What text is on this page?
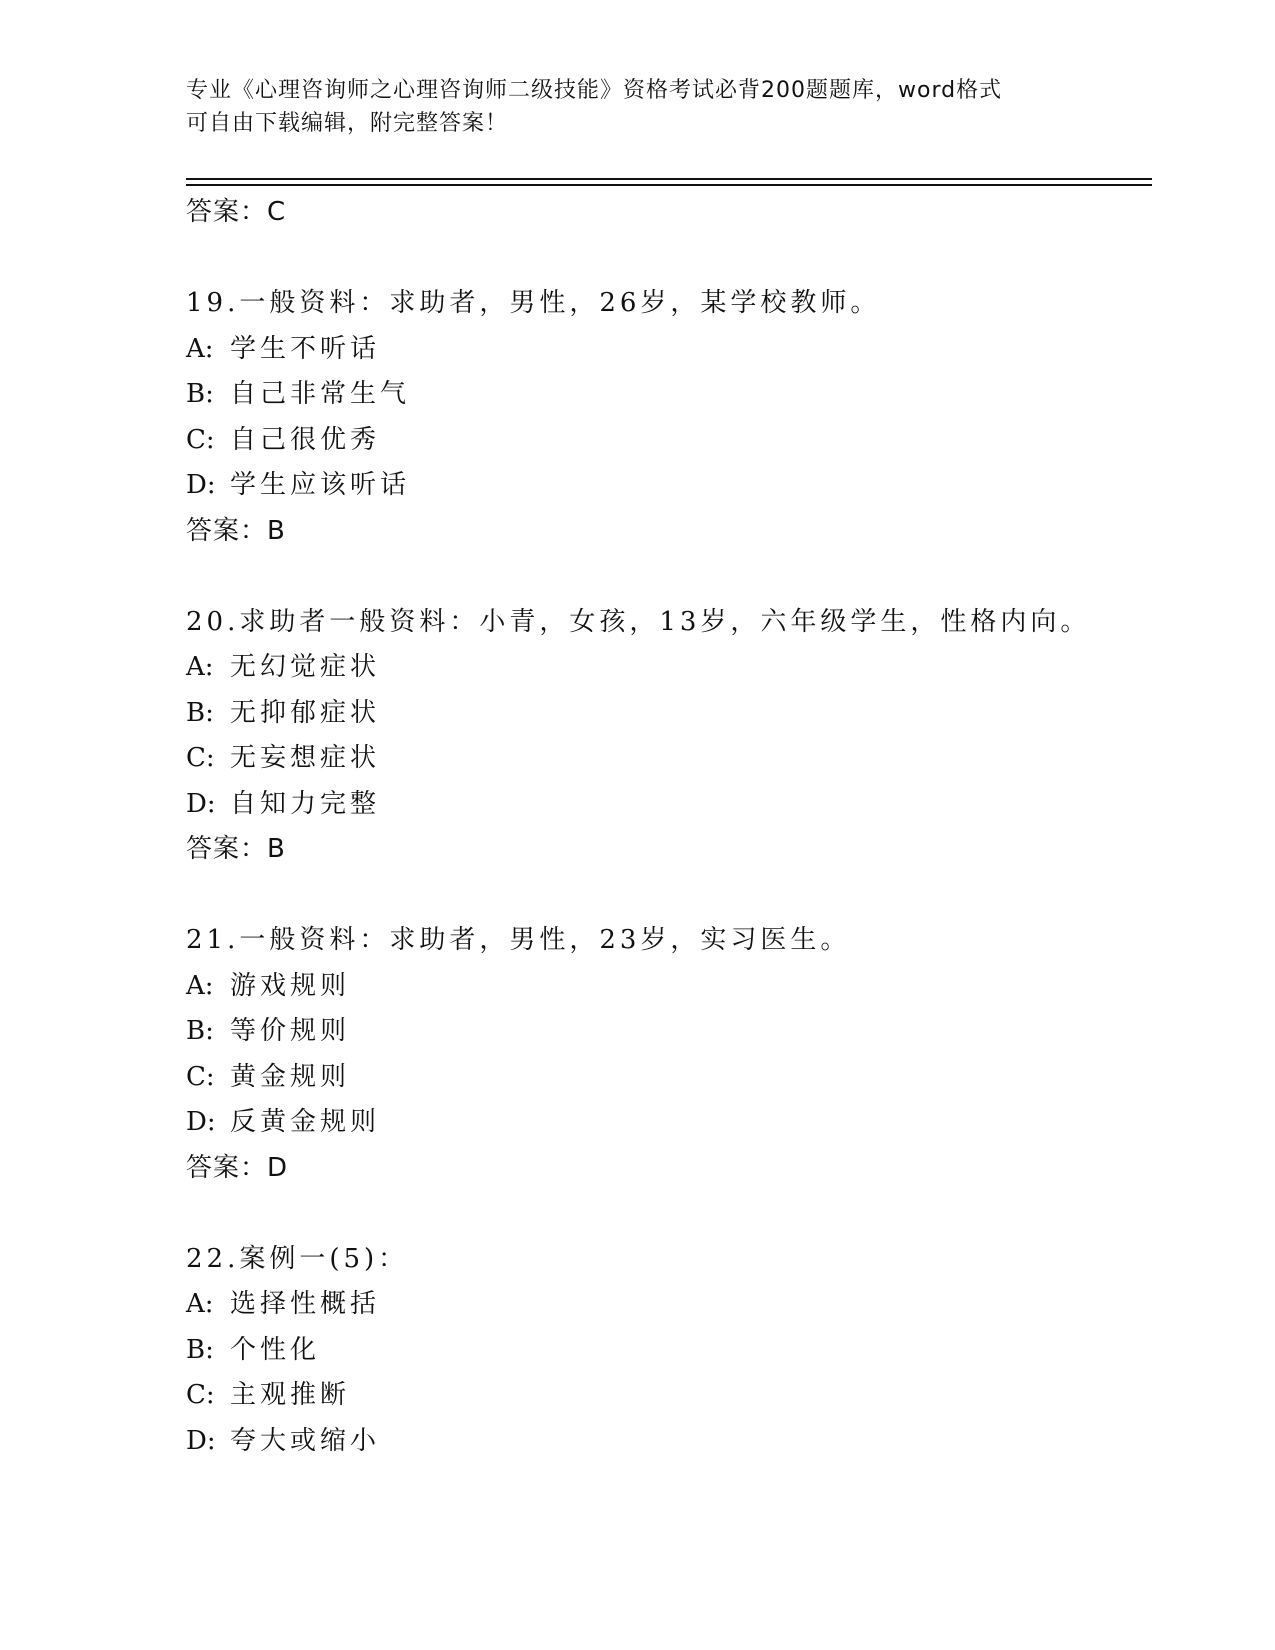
专业《心理咨询师之心理咨询师二级技能》资格考试必背200题题库，word格式
可自由下载编辑，附完整答案！
答案：C
19.一般资料：求助者，男性，26岁，某学校教师。
A: 学生不听话
B: 自己非常生气
C: 自己很优秀
D: 学生应该听话
答案：B
20.求助者一般资料：小青，女孩，13岁，六年级学生，性格内向。
A: 无幻觉症状
B: 无抑郁症状
C: 无妄想症状
D: 自知力完整
答案：B
21.一般资料：求助者，男性，23岁，实习医生。
A: 游戏规则
B: 等价规则
C: 黄金规则
D: 反黄金规则
答案：D
22.案例一(5)：
A: 选择性概括
B: 个性化
C: 主观推断
D: 夸大或缩小
